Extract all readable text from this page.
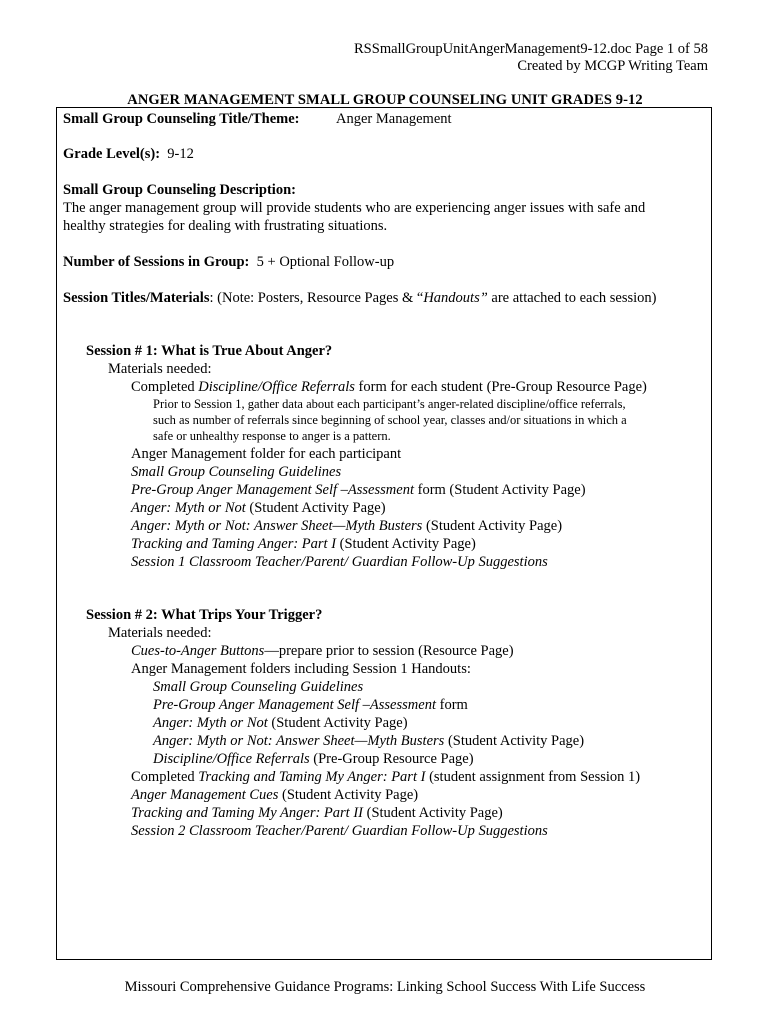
RSSmallGroupUnitAngerManagement9-12.doc Page 1 of 58
Created by MCGP Writing Team
ANGER MANAGEMENT SMALL GROUP COUNSELING UNIT GRADES 9-12
Small Group Counseling Title/Theme:	Anger Management
Grade Level(s): 9-12
Small Group Counseling Description:
The anger management group will provide students who are experiencing anger issues with safe and
healthy strategies for dealing with frustrating situations.
Number of Sessions in Group: 5 + Optional Follow-up
Session Titles/Materials: (Note: Posters, Resource Pages & “Handouts” are attached to each session)
Session # 1: What is True About Anger?
Materials needed:
Completed Discipline/Office Referrals form for each student (Pre-Group Resource Page)
Prior to Session 1, gather data about each participant’s anger-related discipline/office referrals,
such as number of referrals since beginning of school year, classes and/or situations in which a
safe or unhealthy response to anger is a pattern.
Anger Management folder for each participant
Small Group Counseling Guidelines
Pre-Group Anger Management Self –Assessment form (Student Activity Page)
Anger: Myth or Not (Student Activity Page)
Anger: Myth or Not: Answer Sheet—Myth Busters (Student Activity Page)
Tracking and Taming Anger: Part I (Student Activity Page)
Session 1 Classroom Teacher/Parent/ Guardian Follow-Up Suggestions
Session # 2: What Trips Your Trigger?
Materials needed:
Cues-to-Anger Buttons—prepare prior to session (Resource Page)
Anger Management folders including Session 1 Handouts:
Small Group Counseling Guidelines
Pre-Group Anger Management Self –Assessment form
Anger: Myth or Not (Student Activity Page)
Anger: Myth or Not: Answer Sheet—Myth Busters (Student Activity Page)
Discipline/Office Referrals (Pre-Group Resource Page)
Completed Tracking and Taming My Anger: Part I (student assignment from Session 1)
Anger Management Cues (Student Activity Page)
Tracking and Taming My Anger: Part II (Student Activity Page)
Session 2 Classroom Teacher/Parent/ Guardian Follow-Up Suggestions
Missouri Comprehensive Guidance Programs: Linking School Success With Life Success
